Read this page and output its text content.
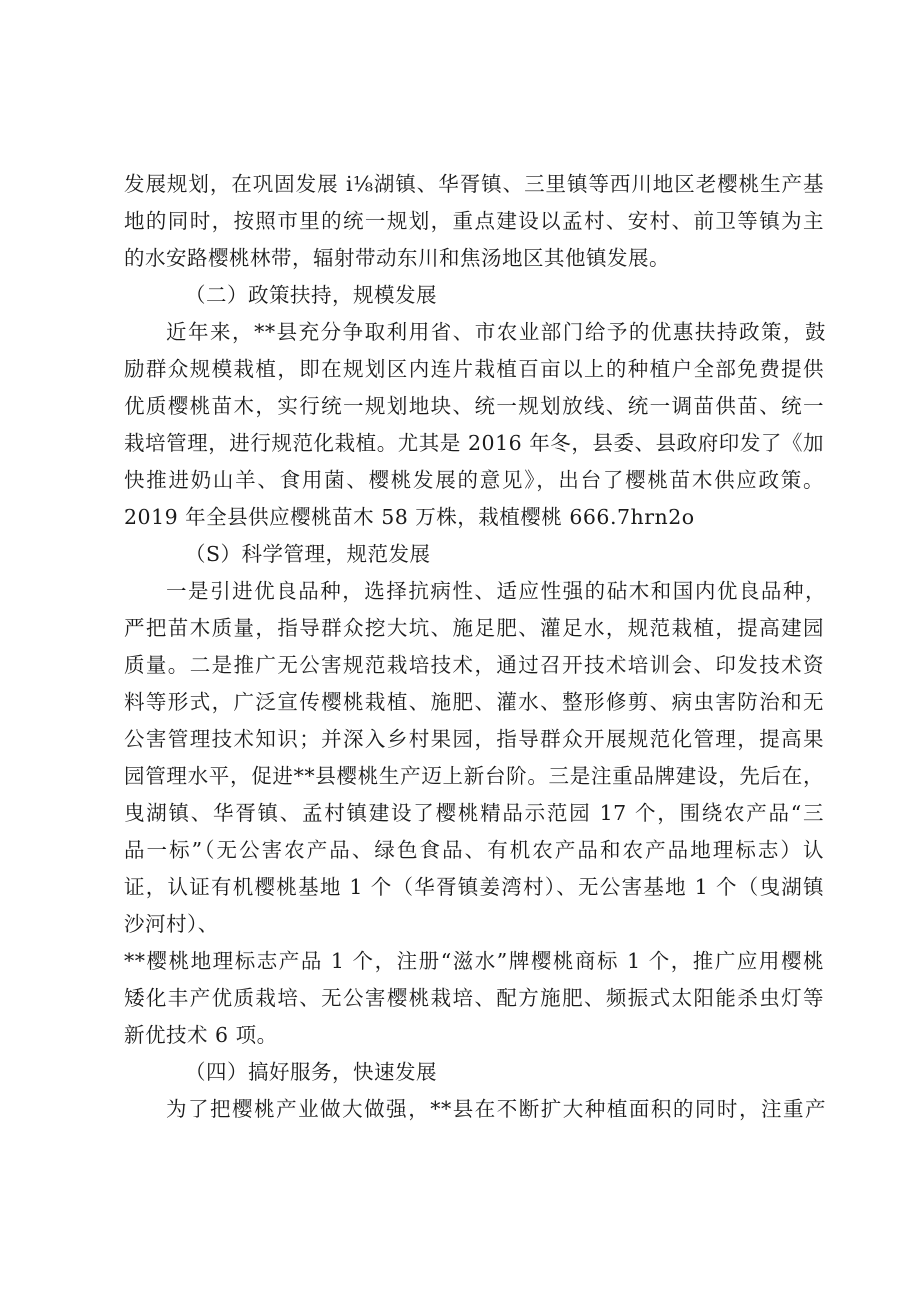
发展规划，在巩固发展 i⅛湖镇、华胥镇、三里镇等西川地区老樱桃生产基
地的同时，按照市里的统一规划，重点建设以孟村、安村、前卫等镇为主
的水安路樱桃林带，辐射带动东川和焦汤地区其他镇发展。
（二）政策扶持，规模发展
近年来，**县充分争取利用省、市农业部门给予的优惠扶持政策，鼓
励群众规模栽植，即在规划区内连片栽植百亩以上的种植户全部免费提供
优质樱桃苗木，实行统一规划地块、统一规划放线、统一调苗供苗、统一
栽培管理，进行规范化栽植。尤其是 2016 年冬，县委、县政府印发了《加
快推进奶山羊、食用菌、樱桃发展的意见》，出台了樱桃苗木供应政策。
2019 年全县供应樱桃苗木 58 万株，栽植樱桃 666.7hrn2o
（S）科学管理，规范发展
一是引进优良品种，选择抗病性、适应性强的砧木和国内优良品种，
严把苗木质量，指导群众挖大坑、施足肥、灌足水，规范栽植，提高建园
质量。二是推广无公害规范栽培技术，通过召开技术培训会、印发技术资
料等形式，广泛宣传樱桃栽植、施肥、灌水、整形修剪、病虫害防治和无
公害管理技术知识；并深入乡村果园，指导群众开展规范化管理，提高果
园管理水平，促进**县樱桃生产迈上新台阶。三是注重品牌建设，先后在，
曳湖镇、华胥镇、孟村镇建设了樱桃精品示范园 17 个，围绕农产品“三
品一标”（无公害农产品、绿色食品、有机农产品和农产品地理标志）认
证，认证有机樱桃基地 1 个（华胥镇姜湾村）、无公害基地 1 个（曳湖镇
沙河村）、
**樱桃地理标志产品 1 个，注册“滋水”牌樱桃商标 1 个，推广应用樱桃
矮化丰产优质栽培、无公害樱桃栽培、配方施肥、频振式太阳能杀虫灯等
新优技术 6 项。
（四）搞好服务，快速发展
为了把樱桃产业做大做强，**县在不断扩大种植面积的同时，注重产
